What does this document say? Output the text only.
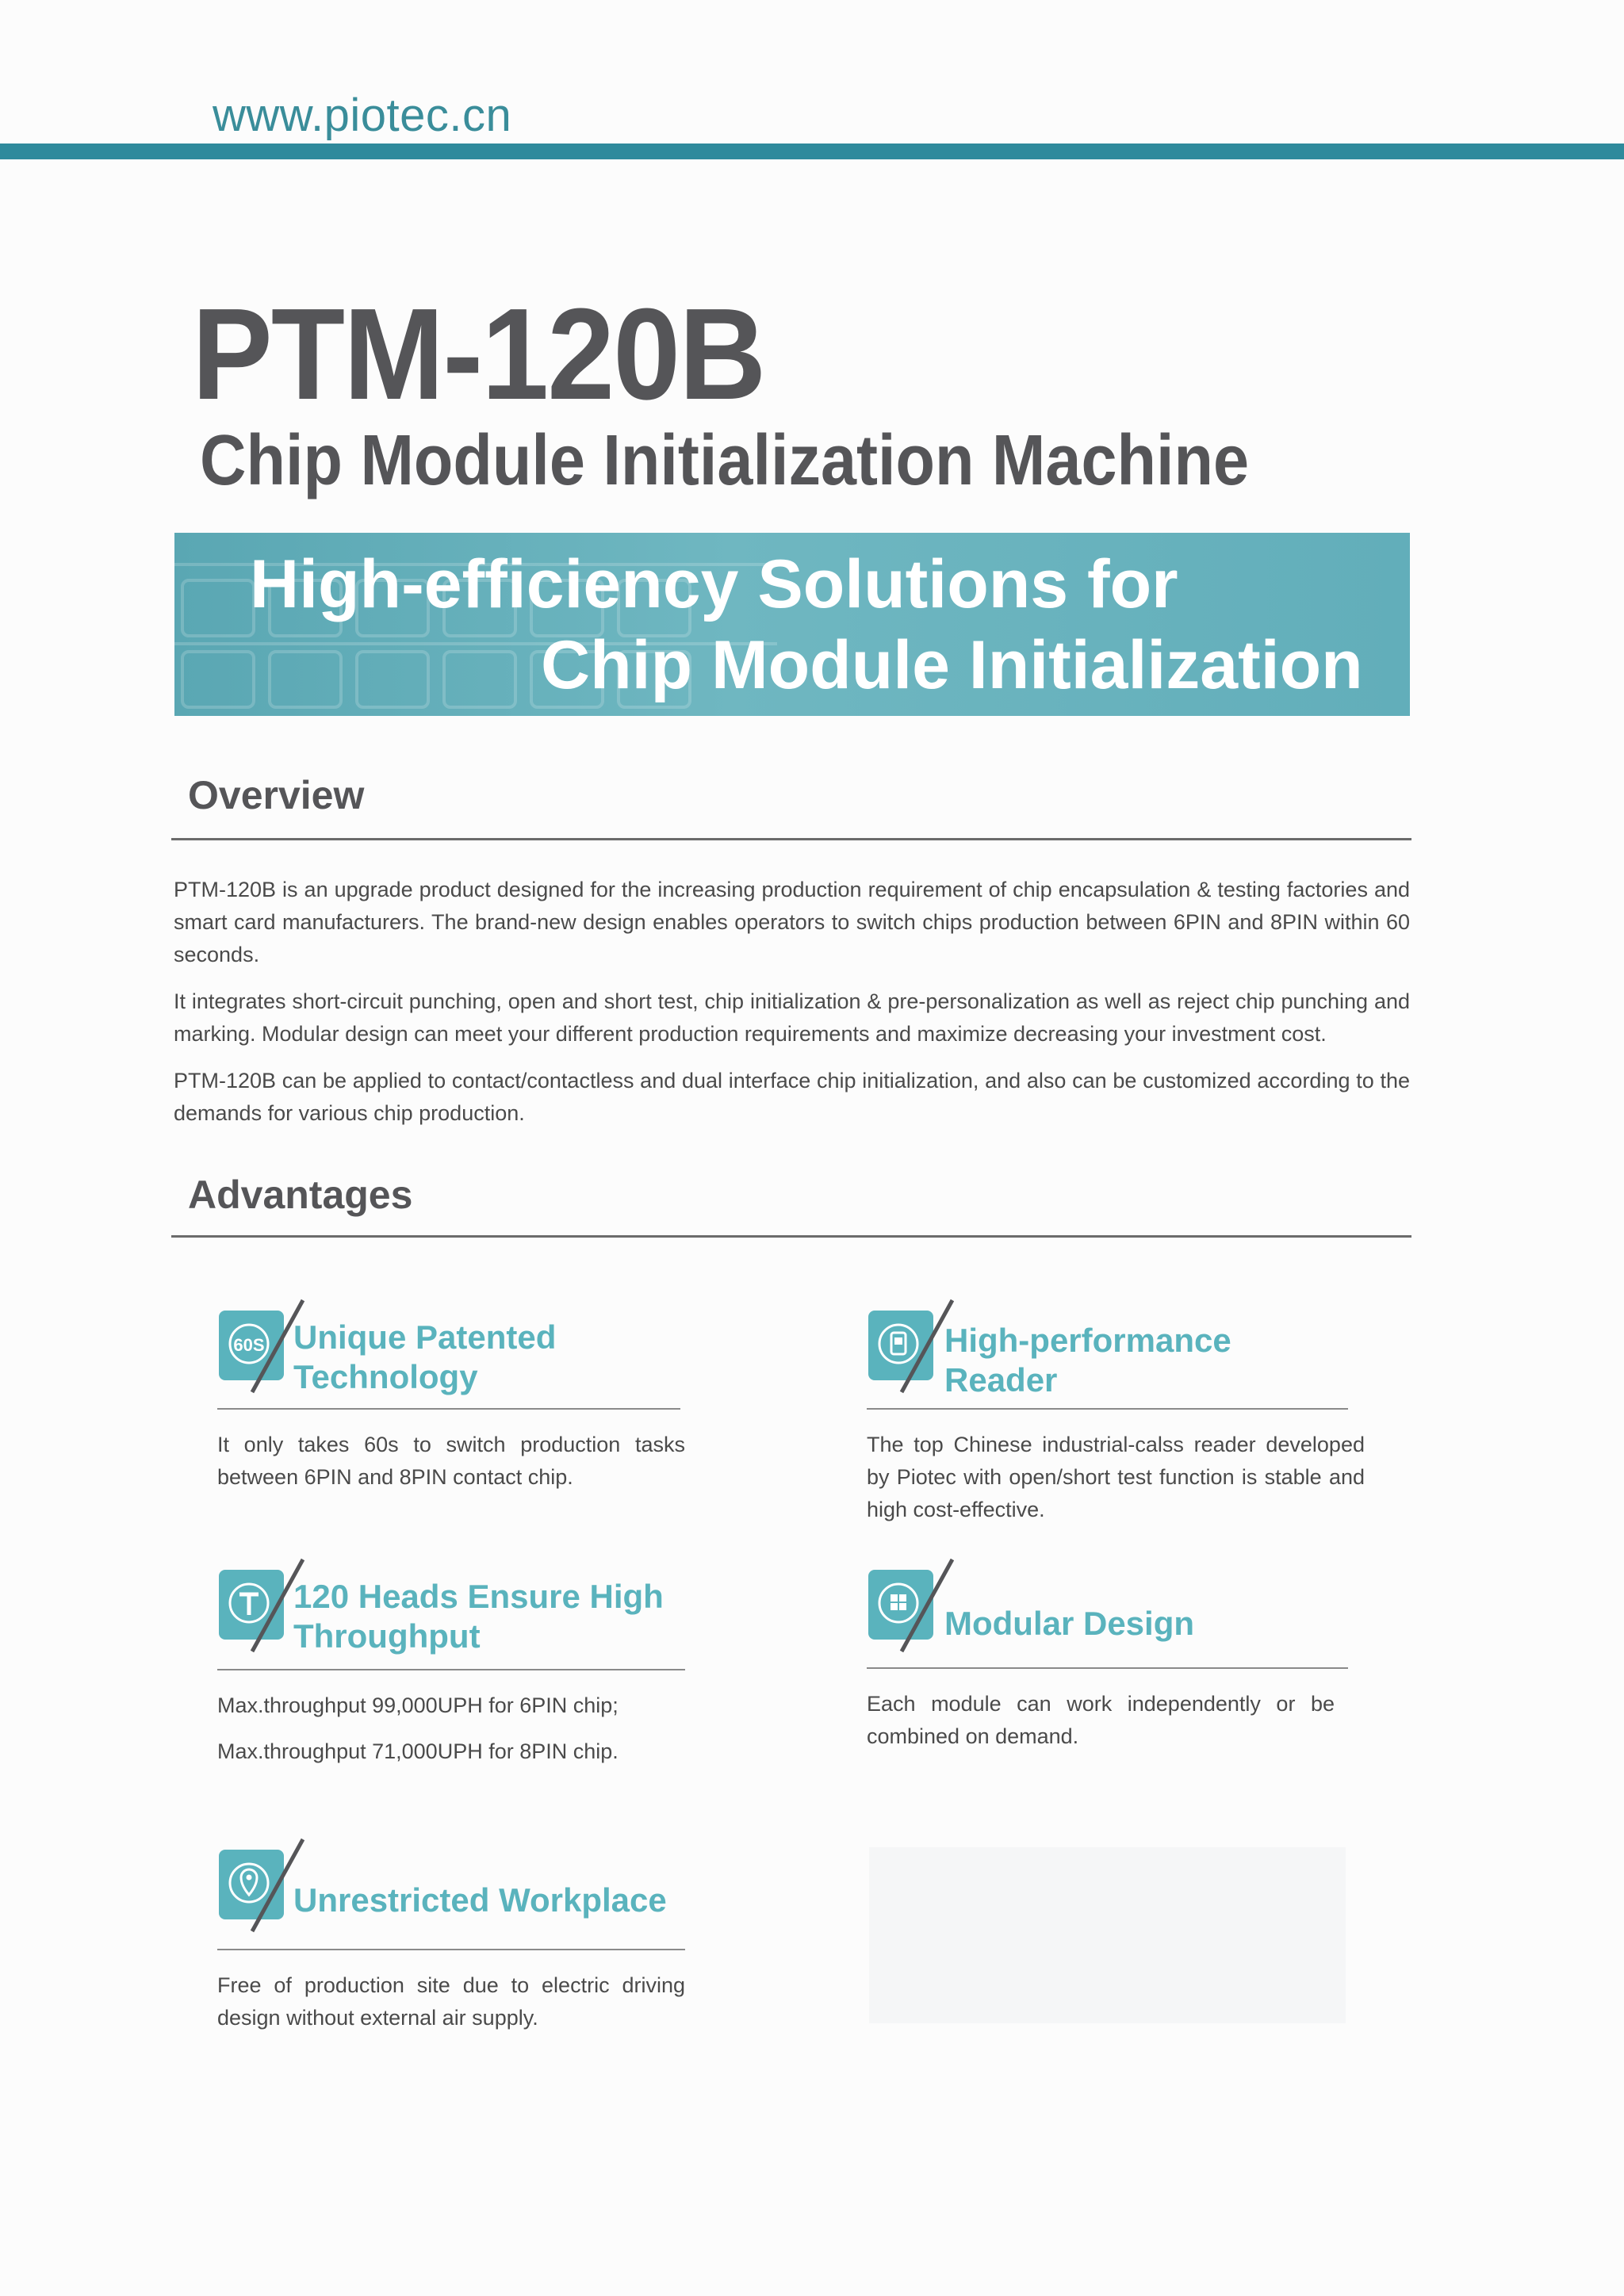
www.piotec.cn
PTM-120B
Chip Module Initialization Machine
High-efficiency Solutions for
Chip Module Initialization
Overview

PTM-120B is an upgrade product designed for the increasing production requirement of chip encapsulation & testing factories and smart card manufacturers. The brand-new design enables operators to switch chips production between 6PIN and 8PIN within 60 seconds.

It integrates short-circuit punching, open and short test, chip initialization & pre-personalization as well as reject chip punching and marking. Modular design can meet your different production requirements and maximize decreasing your investment cost.

PTM-120B can be applied to contact/contactless and dual interface chip initialization, and also can be customized according to the demands for various chip production.

Advantages
60S Unique Patented
Technology

It only takes 60s to switch production tasks between 6PIN and 8PIN contact chip.

High-performance
Reader

The top Chinese industrial-calss reader developed by Piotec with open/short test function is stable and high cost-effective.

120 Heads Ensure High
Throughput

Max.throughput 99,000UPH for 6PIN chip;

Max.throughput 71,000UPH for 8PIN chip.

Modular Design

Each module can work independently or be combined on demand.

Unrestricted Workplace

Free of production site due to electric driving design without external air supply.
